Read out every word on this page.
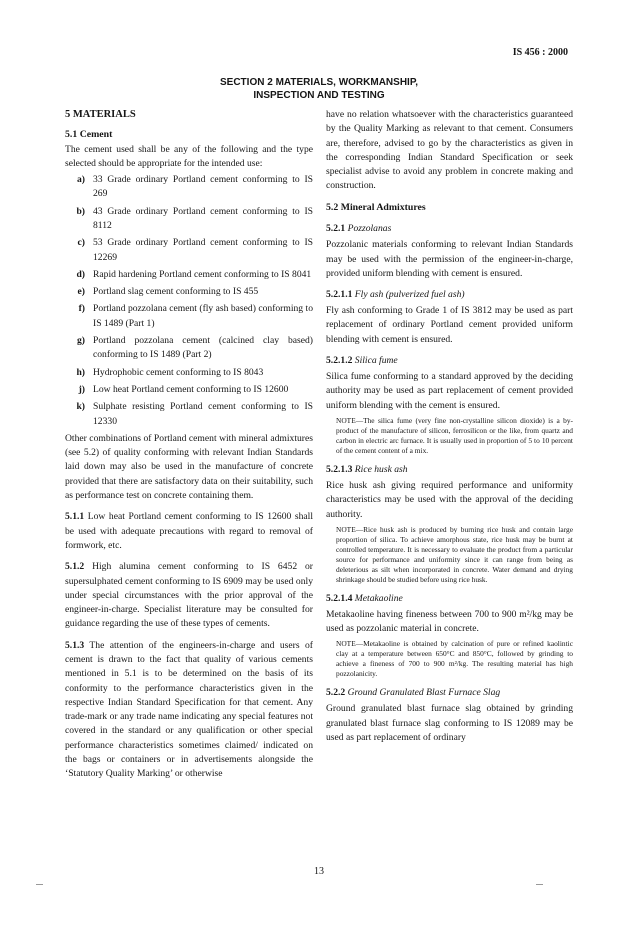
IS 456 : 2000
SECTION 2 MATERIALS, WORKMANSHIP,
INSPECTION AND TESTING
5 MATERIALS
5.1 Cement

The cement used shall be any of the following and the type selected should be appropriate for the intended use:

a) 33 Grade ordinary Portland cement conforming to IS 269
b) 43 Grade ordinary Portland cement conforming to IS 8112
c) 53 Grade ordinary Portland cement conforming to IS 12269
d) Rapid hardening Portland cement conforming to IS 8041
e) Portland slag cement conforming to IS 455
f) Portland pozzolana cement (fly ash based) conforming to IS 1489 (Part 1)
g) Portland pozzolana cement (calcined clay based) conforming to IS 1489 (Part 2)
h) Hydrophobic cement conforming to IS 8043
j) Low heat Portland cement conforming to IS 12600
k) Sulphate resisting Portland cement conforming to IS 12330

Other combinations of Portland cement with mineral admixtures (see 5.2) of quality conforming with relevant Indian Standards laid down may also be used in the manufacture of concrete provided that there are satisfactory data on their suitability, such as performance test on concrete containing them.

5.1.1 Low heat Portland cement conforming to IS 12600 shall be used with adequate precautions with regard to removal of formwork, etc.

5.1.2 High alumina cement conforming to IS 6452 or supersulphated cement conforming to IS 6909 may be used only under special circumstances with the prior approval of the engineer-in-charge. Specialist literature may be consulted for guidance regarding the use of these types of cements.

5.1.3 The attention of the engineers-in-charge and users of cement is drawn to the fact that quality of various cements mentioned in 5.1 is to be determined on the basis of its conformity to the performance characteristics given in the respective Indian Standard Specification for that cement. Any trade-mark or any trade name indicating any special features not covered in the standard or any qualification or other special performance characteristics sometimes claimed/ indicated on the bags or containers or in advertisements alongside the ‘Statutory Quality Marking’ or otherwise

have no relation whatsoever with the characteristics guaranteed by the Quality Marking as relevant to that cement. Consumers are, therefore, advised to go by the characteristics as given in the corresponding Indian Standard Specification or seek specialist advise to avoid any problem in concrete making and construction.

5.2 Mineral Admixtures
5.2.1 Pozzolanas

Pozzolanic materials conforming to relevant Indian Standards may be used with the permission of the engineer-in-charge, provided uniform blending with cement is ensured.

5.2.1.1 Fly ash (pulverized fuel ash)

Fly ash conforming to Grade 1 of IS 3812 may be used as part replacement of ordinary Portland cement provided uniform blending with cement is ensured.

5.2.1.2 Silica fume

Silica fume conforming to a standard approved by the deciding authority may be used as part replacement of cement provided uniform blending with the cement is ensured.

NOTE—The silica fume (very fine non-crystalline silicon dioxide) is a by-product of the manufacture of silicon, ferrosilicon or the like, from quartz and carbon in electric arc furnace. It is usually used in proportion of 5 to 10 percent of the cement content of a mix.

5.2.1.3 Rice husk ash

Rice husk ash giving required performance and uniformity characteristics may be used with the approval of the deciding authority.

NOTE—Rice husk ash is produced by burning rice husk and contain large proportion of silica. To achieve amorphous state, rice husk may be burnt at controlled temperature. It is necessary to evaluate the product from a particular source for performance and uniformity since it can range from being as deleterious as silt when incorporated in concrete. Water demand and drying shrinkage should be studied before using rice husk.

5.2.1.4 Metakaoline

Metakaoline having fineness between 700 to 900 m²/kg may be used as pozzolanic material in concrete.

NOTE—Metakaoline is obtained by calcination of pure or refined kaolintic clay at a temperature between 650°C and 850°C, followed by grinding to achieve a fineness of 700 to 900 m²/kg. The resulting material has high pozzolanicity.

5.2.2 Ground Granulated Blast Furnace Slag

Ground granulated blast furnace slag obtained by grinding granulated blast furnace slag conforming to IS 12089 may be used as part replacement of ordinary

13
